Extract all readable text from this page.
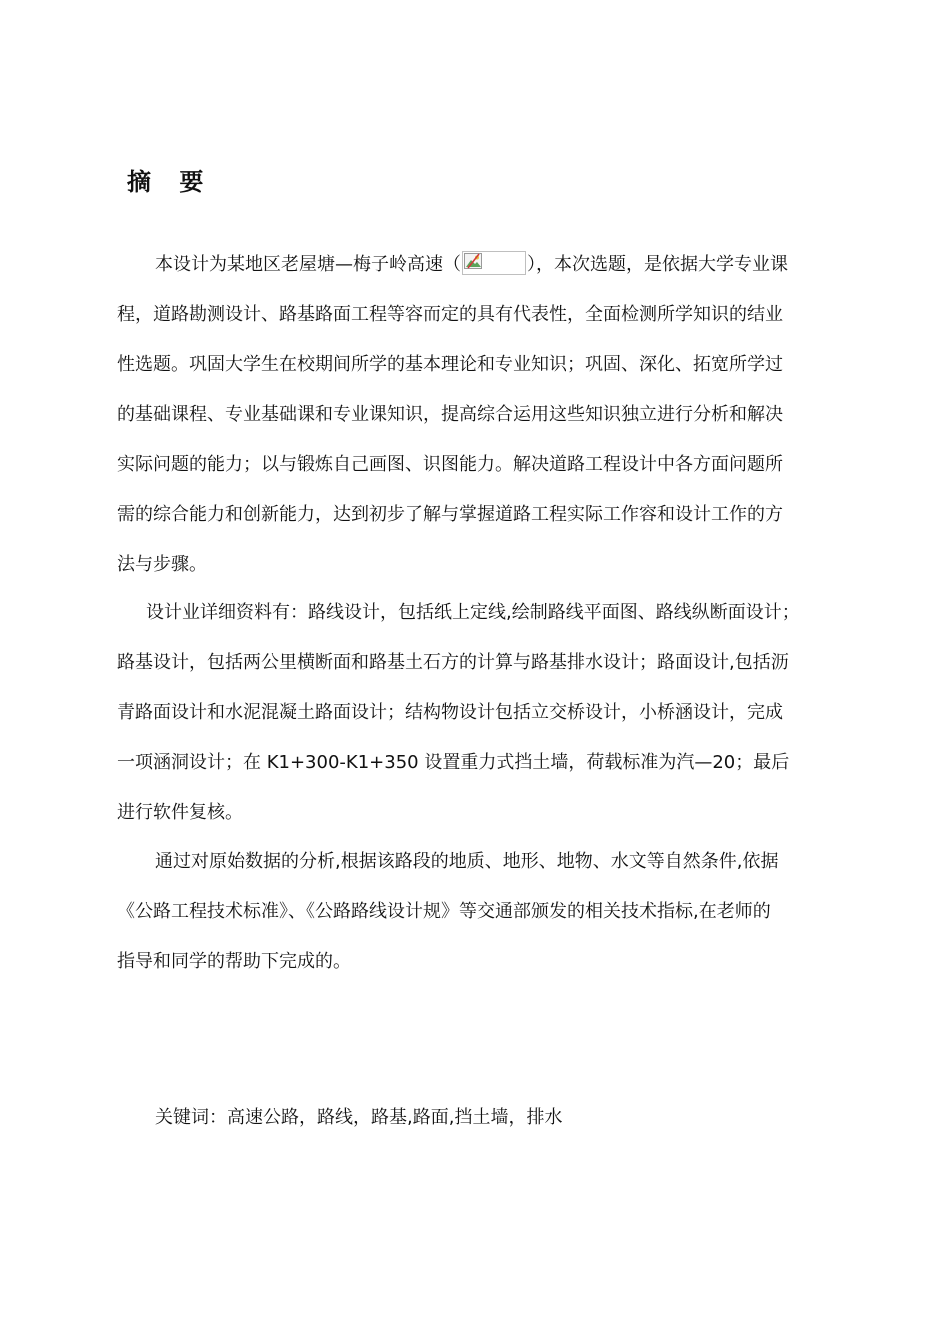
摘 要
本设计为某地区老屋塘—梅子岭高速（	），本次选题，是依据大学专业课
程，道路勘测设计、路基路面工程等容而定的具有代表性，全面检测所学知识的结业
性选题。巩固大学生在校期间所学的基本理论和专业知识；巩固、深化、拓宽所学过
的基础课程、专业基础课和专业课知识，提高综合运用这些知识独立进行分析和解决
实际问题的能力；以与锻炼自己画图、识图能力。解决道路工程设计中各方面问题所
需的综合能力和创新能力，达到初步了解与掌握道路工程实际工作容和设计工作的方
法与步骤。
设计业详细资料有：路线设计，包括纸上定线,绘制路线平面图、路线纵断面设计；
路基设计，包括两公里横断面和路基土石方的计算与路基排水设计；路面设计,包括沥
青路面设计和水泥混凝土路面设计；结构物设计包括立交桥设计，小桥涵设计，完成
一项涵洞设计；在 K1+300-K1+350 设置重力式挡土墙，荷载标准为汽—20；最后
进行软件复核。
通过对原始数据的分析,根据该路段的地质、地形、地物、水文等自然条件,依据
《公路工程技术标准》、《公路路线设计规》等交通部颁发的相关技术指标,在老师的
指导和同学的帮助下完成的。
关键词：高速公路，路线，路基,路面,挡土墙，排水
